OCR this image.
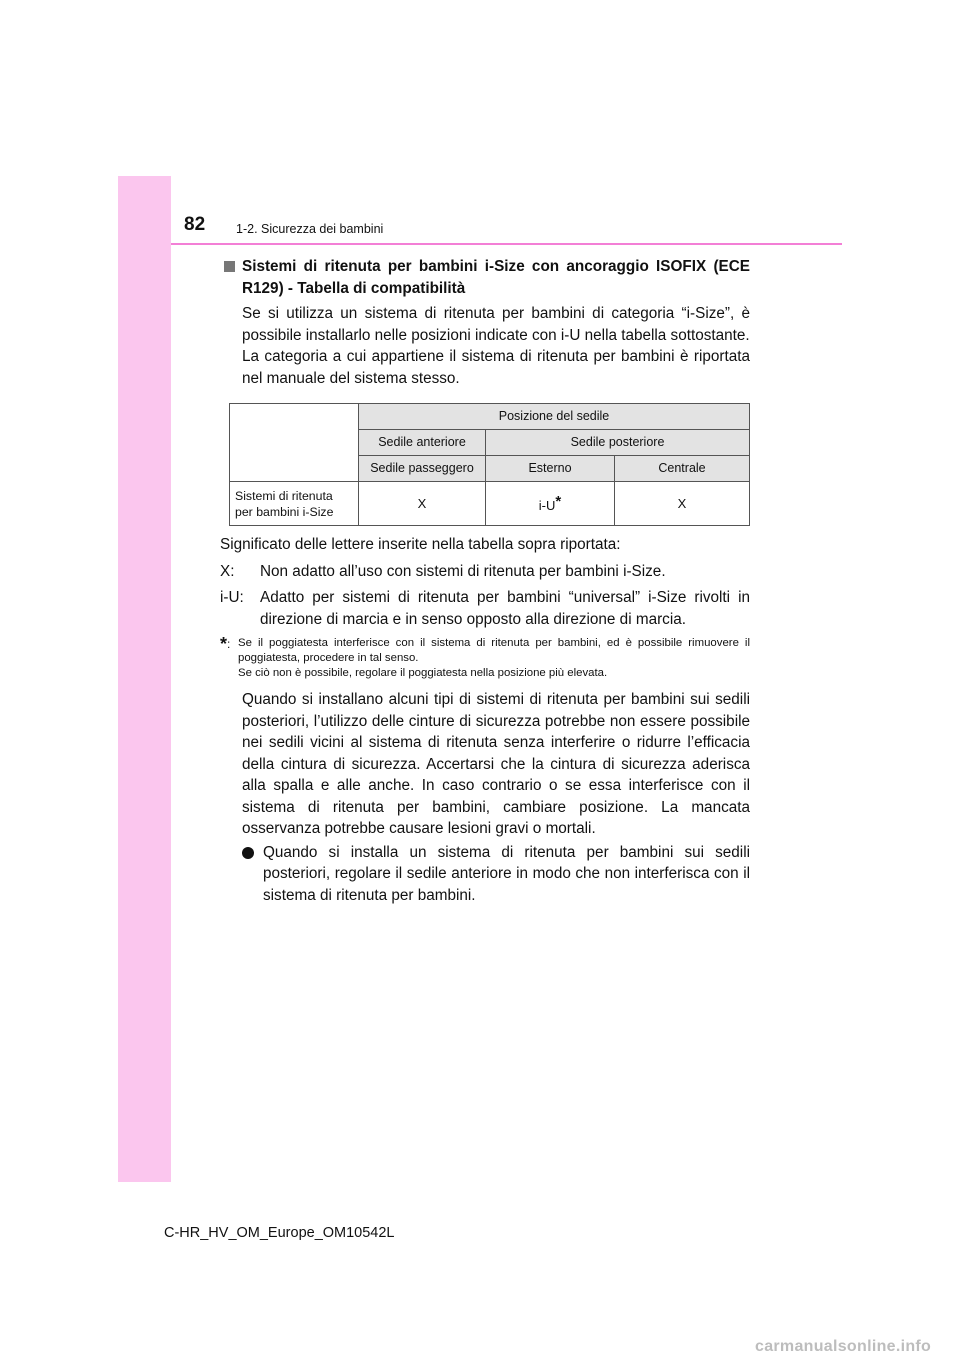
82 1-2. Sicurezza dei bambini
Sistemi di ritenuta per bambini i-Size con ancoraggio ISOFIX (ECE R129) - Tabella di compatibilità

Se si utilizza un sistema di ritenuta per bambini di categoria “i-Size”, è possibile installarlo nelle posizioni indicate con i-U nella tabella sottostante.

La categoria a cui appartiene il sistema di ritenuta per bambini è riportata nel manuale del sistema stesso.

	Posizione del sedile		
	Sedile anteriore	Sedile posteriore	
	Sedile passeggero	Esterno	Centrale
Sistemi di ritenuta per bambini i-Size	X	i-U*	X
Significato delle lettere inserite nella tabella sopra riportata:
X:	Non adatto all’uso con sistemi di ritenuta per bambini i-Size.
i-U:	Adatto per sistemi di ritenuta per bambini “universal” i-Size rivolti in direzione di marcia e in senso opposto alla direzione di marcia.
*: Se il poggiatesta interferisce con il sistema di ritenuta per bambini, ed è possibile rimuovere il poggiatesta, procedere in tal senso.
Se ciò non è possibile, regolare il poggiatesta nella posizione più elevata.
Quando si installano alcuni tipi di sistemi di ritenuta per bambini sui sedili posteriori, l’utilizzo delle cinture di sicurezza potrebbe non essere possibile nei sedili vicini al sistema di ritenuta senza interferire o ridurre l’efficacia della cintura di sicurezza. Accertarsi che la cintura di sicurezza aderisca alla spalla e alle anche. In caso contrario o se essa interferisce con il sistema di ritenuta per bambini, cambiare posizione. La mancata osservanza potrebbe causare lesioni gravi o mortali.
Quando si installa un sistema di ritenuta per bambini sui sedili posteriori, regolare il sedile anteriore in modo che non interferisca con il sistema di ritenuta per bambini.
C-HR_HV_OM_Europe_OM10542L
carmanualsonline.info
